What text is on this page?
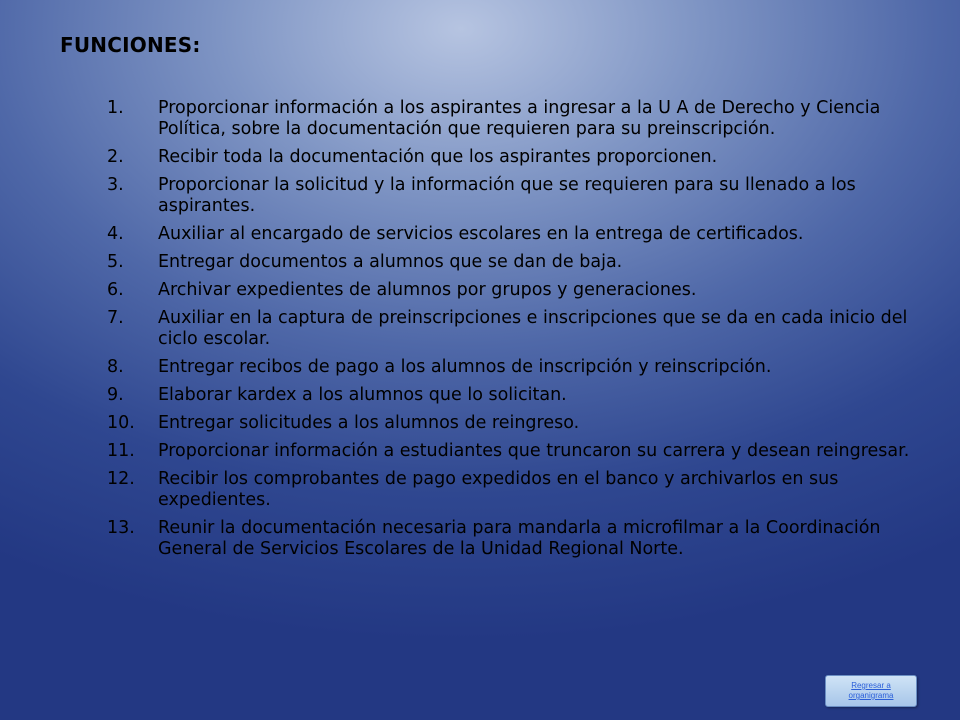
FUNCIONES:
1. Proporcionar información a los aspirantes a ingresar a la U A de Derecho y Ciencia Política, sobre la documentación que requieren para su preinscripción.
2. Recibir toda la documentación que los aspirantes proporcionen.
3. Proporcionar la solicitud y la información que se requieren para su llenado a los aspirantes.
4. Auxiliar al encargado de servicios escolares en la entrega de certificados.
5. Entregar documentos a alumnos que se dan de baja.
6. Archivar expedientes de alumnos por grupos y generaciones.
7. Auxiliar en la captura de preinscripciones e inscripciones que se da en cada inicio del ciclo escolar.
8. Entregar recibos de pago a los alumnos de inscripción y reinscripción.
9. Elaborar kardex a los alumnos que lo solicitan.
10. Entregar solicitudes a los alumnos de reingreso.
11. Proporcionar información a estudiantes que truncaron su carrera y desean reingresar.
12. Recibir los comprobantes de pago expedidos en el banco y archivarlos en sus expedientes.
13. Reunir la documentación necesaria para mandarla a microfilmar a la Coordinación General de Servicios Escolares de la Unidad Regional Norte.
Regresar a organigrama
